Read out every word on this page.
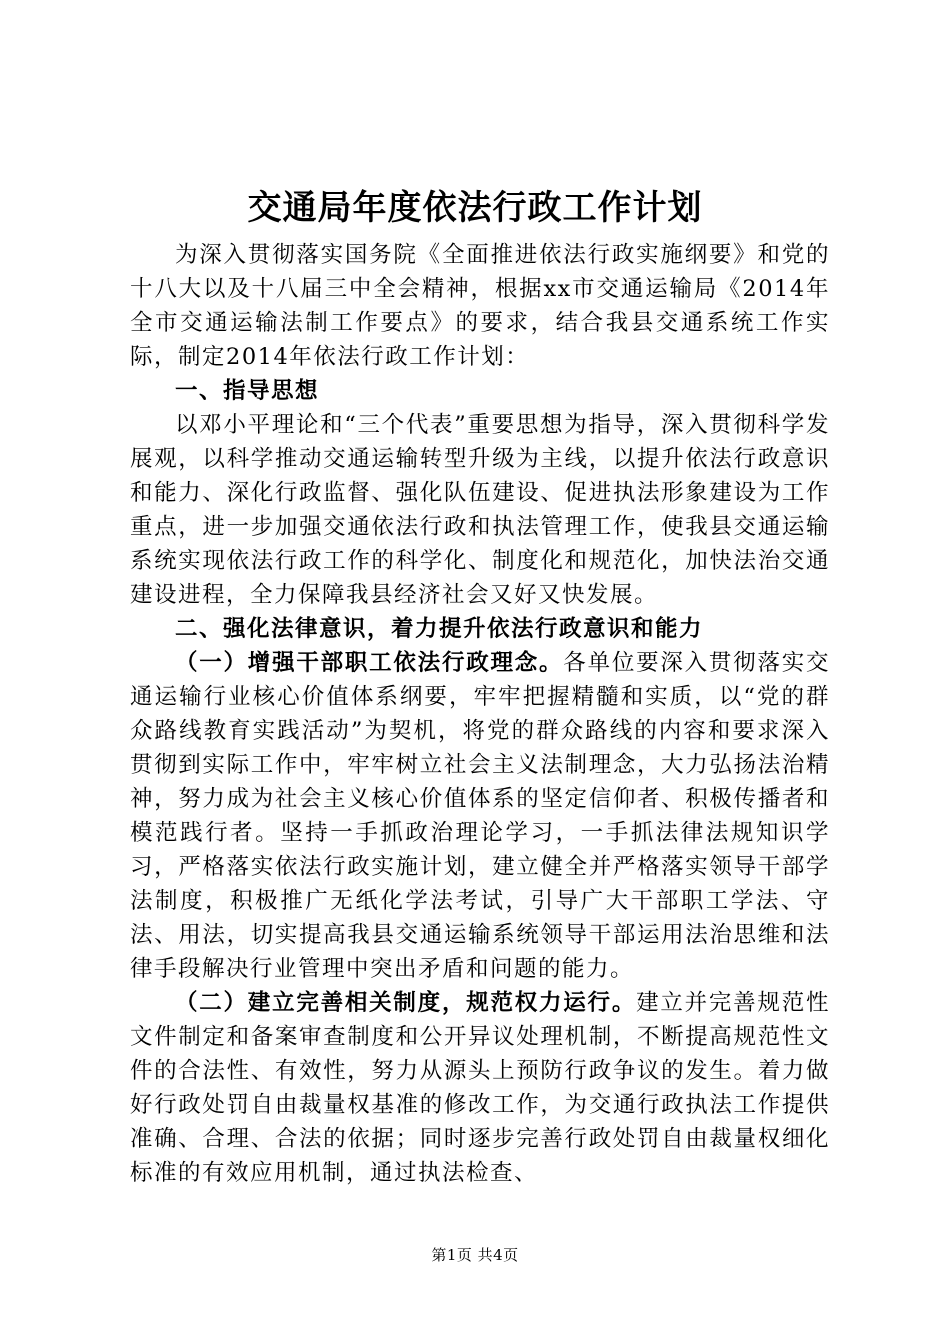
交通局年度依法行政工作计划

为深入贯彻落实国务院《全面推进依法行政实施纲要》和党的十八大以及十八届三中全会精神，根据xx市交通运输局《2014年全市交通运输法制工作要点》的要求，结合我县交通系统工作实际，制定2014年依法行政工作计划：

一、指导思想

以邓小平理论和“三个代表”重要思想为指导，深入贯彻科学发展观，以科学推动交通运输转型升级为主线，以提升依法行政意识和能力、深化行政监督、强化队伍建设、促进执法形象建设为工作重点，进一步加强交通依法行政和执法管理工作，使我县交通运输系统实现依法行政工作的科学化、制度化和规范化，加快法治交通建设进程，全力保障我县经济社会又好又快发展。

二、强化法律意识，着力提升依法行政意识和能力

（一）增强干部职工依法行政理念。各单位要深入贯彻落实交通运输行业核心价值体系纲要，牢牢把握精髓和实质，以“党的群众路线教育实践活动”为契机，将党的群众路线的内容和要求深入贯彻到实际工作中，牢牢树立社会主义法制理念，大力弘扬法治精神，努力成为社会主义核心价值体系的坚定信仰者、积极传播者和模范践行者。坚持一手抓政治理论学习，一手抓法律法规知识学习，严格落实依法行政实施计划，建立健全并严格落实领导干部学法制度，积极推广无纸化学法考试，引导广大干部职工学法、守法、用法，切实提高我县交通运输系统领导干部运用法治思维和法律手段解决行业管理中突出矛盾和问题的能力。

（二）建立完善相关制度，规范权力运行。建立并完善规范性文件制定和备案审查制度和公开异议处理机制，不断提高规范性文件的合法性、有效性，努力从源头上预防行政争议的发生。着力做好行政处罚自由裁量权基准的修改工作，为交通行政执法工作提供准确、合理、合法的依据；同时逐步完善行政处罚自由裁量权细化标准的有效应用机制，通过执法检查、

第1页 共4页
